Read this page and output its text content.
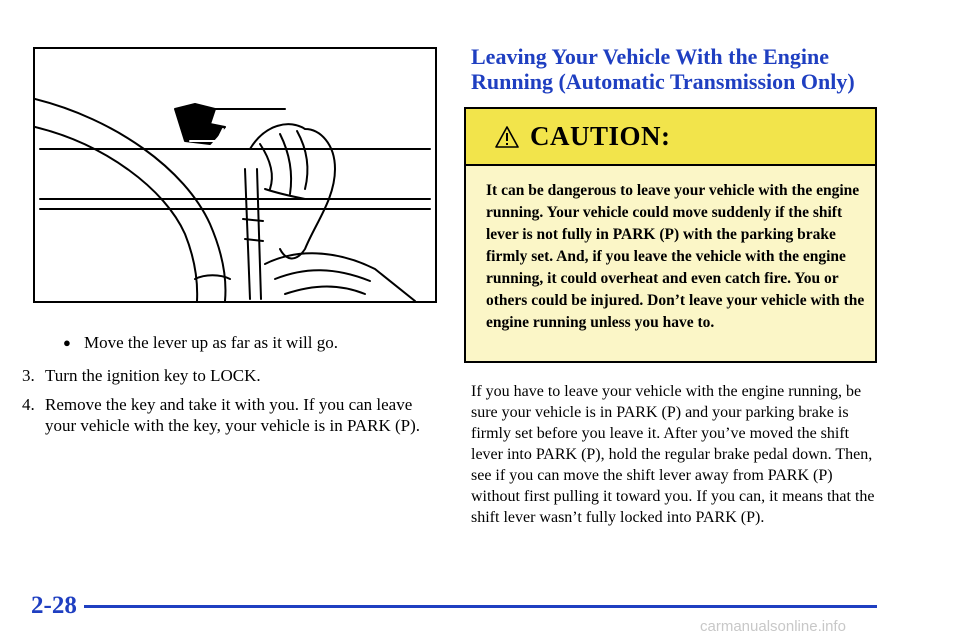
● Move the lever up as far as it will go.
3. Turn the ignition key to LOCK.
4. Remove the key and take it with you. If you can leave your vehicle with the key, your vehicle is in PARK (P).
Leaving Your Vehicle With the Engine Running (Automatic Transmission Only)
CAUTION:
It can be dangerous to leave your vehicle with the engine running. Your vehicle could move suddenly if the shift lever is not fully in PARK (P) with the parking brake firmly set. And, if you leave the vehicle with the engine running, it could overheat and even catch fire. You or others could be injured. Don’t leave your vehicle with the engine running unless you have to.

If you have to leave your vehicle with the engine running, be sure your vehicle is in PARK (P) and your parking brake is firmly set before you leave it. After you’ve moved the shift lever into PARK (P), hold the regular brake pedal down. Then, see if you can move the shift lever away from PARK (P) without first pulling it toward you. If you can, it means that the shift lever wasn’t fully locked into PARK (P).

2-28
carmanualsonline.info
